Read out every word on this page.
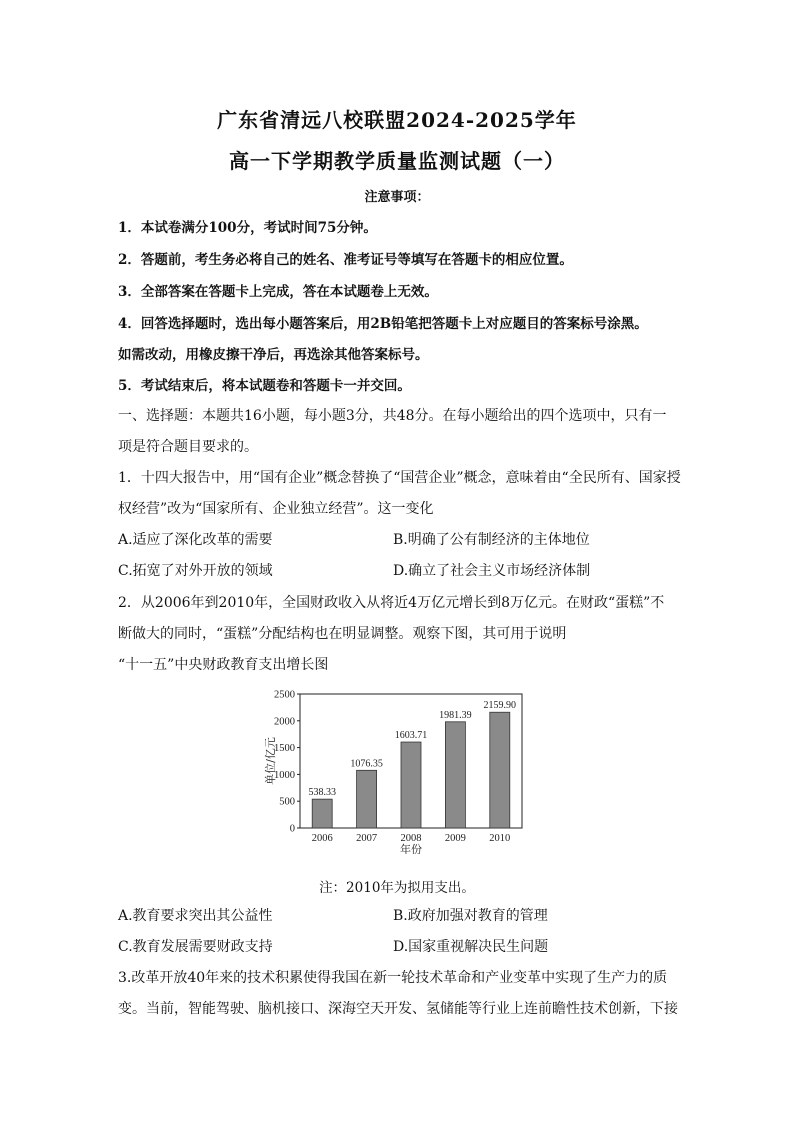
广东省清远八校联盟2024-2025学年
高一下学期教学质量监测试题（一）
注意事项：
1．本试卷满分100分，考试时间75分钟。
2．答题前，考生务必将自己的姓名、准考证号等填写在答题卡的相应位置。
3．全部答案在答题卡上完成，答在本试题卷上无效。
4．回答选择题时，选出每小题答案后，用2B铅笔把答题卡上对应题目的答案标号涂黑。
如需改动，用橡皮擦干净后，再选涂其他答案标号。
5．考试结束后，将本试题卷和答题卡一并交回。
一、选择题：本题共16小题，每小题3分，共48分。在每小题给出的四个选项中，只有一
项是符合题目要求的。
1．十四大报告中，用“国有企业”概念替换了“国营企业”概念，意味着由“全民所有、国家授
权经营”改为“国家所有、企业独立经营”。这一变化
A.适应了深化改革的需要	B.明确了公有制经济的主体地位
C.拓宽了对外开放的领域	D.确立了社会主义市场经济体制
2．从2006年到2010年，全国财政收入从将近4万亿元增长到8万亿元。在财政“蛋糕”不
断做大的同时，“蛋糕”分配结构也在明显调整。观察下图，其可用于说明
“十一五”中央财政教育支出增长图
0
500
1000
1500
2000
2500
单位/亿元
538.33
2006
1076.35
2007
1603.71
2008
1981.39
2009
2159.90
2010
年份
注：2010年为拟用支出。
A.教育要求突出其公益性	B.政府加强对教育的管理
C.教育发展需要财政支持	D.国家重视解决民生问题
3.改革开放40年来的技术积累使得我国在新一轮技术革命和产业变革中实现了生产力的质
变。当前，智能驾驶、脑机接口、深海空天开发、氢储能等行业上连前瞻性技术创新，下接
